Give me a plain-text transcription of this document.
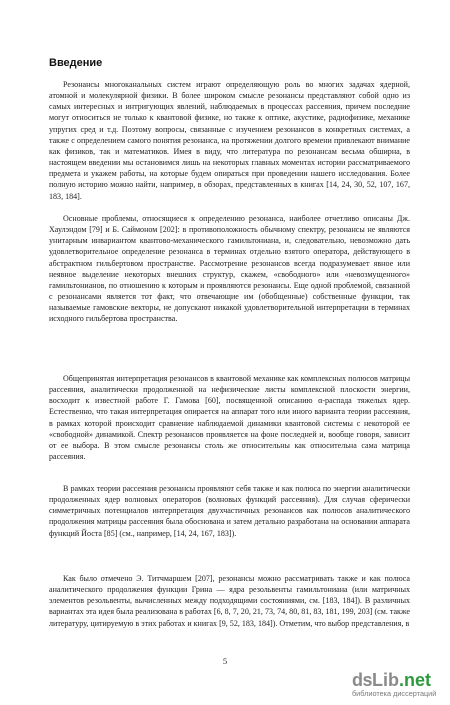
Введение

Резонансы многоканальных систем играют определяющую роль во многих задачах ядерной, атомной и молекулярной физики. В более широком смысле резонансы представляют собой одно из самых интересных и интригующих явлений, наблюдаемых в процессах рассеяния, причем последние могут относиться не только к квантовой физике, но также к оптике, акустике, радиофизике, механике упругих сред и т.д. Поэтому вопросы, связанные с изучением резонансов в конкретных системах, а также с определением самого понятия резонанса, на протяжении долгого времени привлекают внимание как физиков, так и математиков. Имея в виду, что литература по резонансам весьма обширна, в настоящем введении мы остановимся лишь на некоторых главных моментах истории рассматриваемого предмета и укажем работы, на которые будем опираться при проведении нашего исследования. Более полную историю можно найти, например, в обзорах, представленных в книгах [14, 24, 30, 52, 107, 167, 183, 184].

Основные проблемы, относящиеся к определению резонанса, наиболее отчетливо описаны Дж. Хаулэндом [79] и Б. Саймоном [202]: в противоположность обычному спектру, резонансы не являются унитарным инвариантом квантово-механического гамильтониана, и, следовательно, невозможно дать удовлетворительное определение резонанса в терминах отдельно взятого оператора, действующего в абстрактном гильбертовом пространстве. Рассмотрение резонансов всегда подразумевает явное или неявное выделение некоторых внешних структур, скажем, «свободного» или «невозмущенного» гамильтонианов, по отношению к которым и проявляются резонансы. Еще одной проблемой, связанной с резонансами является тот факт, что отвечающие им (обобщенные) собственные функции, так называемые гамовские векторы, не допускают никакой удовлетворительной интерпретации в терминах исходного гильбертова пространства.

Общепринятая интерпретация резонансов в квантовой механике как комплексных полюсов матрицы рассеяния, аналитически продолженной на нефизические листы комплексной плоскости энергии, восходит к известной работе Г. Гамова [60], посвященной описанию α-распада тяжелых ядер. Естественно, что такая интерпретация опирается на аппарат того или иного варианта теории рассеяния, в рамках которой происходит сравнение наблюдаемой динамики квантовой системы с некоторой ее «свободной» динамикой. Спектр резонансов проявляется на фоне последней и, вообще говоря, зависит от ее выбора. В этом смысле резонансы столь же относительны как относительна сама матрица рассеяния.

В рамках теории рассеяния резонансы проявляют себя также и как полюса по энергии аналитически продолженных ядер волновых операторов (волновых функций рассеяния). Для случая сферически симметричных потенциалов интерпретация двухчастичных резонансов как полюсов аналитического продолжения матрицы рассеяния была обоснована и затем детально разработана на основании аппарата функций Йоста [85] (см., например, [14, 24, 167, 183]).

Как было отмечено Э. Титчмаршем [207], резонансы можно рассматривать также и как полюса аналитического продолжения функции Грина — ядра резольвенты гамильтониана (или матричных элементов резольвенты, вычисленных между подходящими состояниями, см. [183, 184]). В различных вариантах эта идея была реализована в работах [6, 8, 7, 20, 21, 73, 74, 80, 81, 83, 181, 199, 203] (см. также литературу, цитируемую в этих работах и книгах [9, 52, 183, 184]). Отметим, что выбор представления, в

5
ds Lib .net
библиотека диссертаций
